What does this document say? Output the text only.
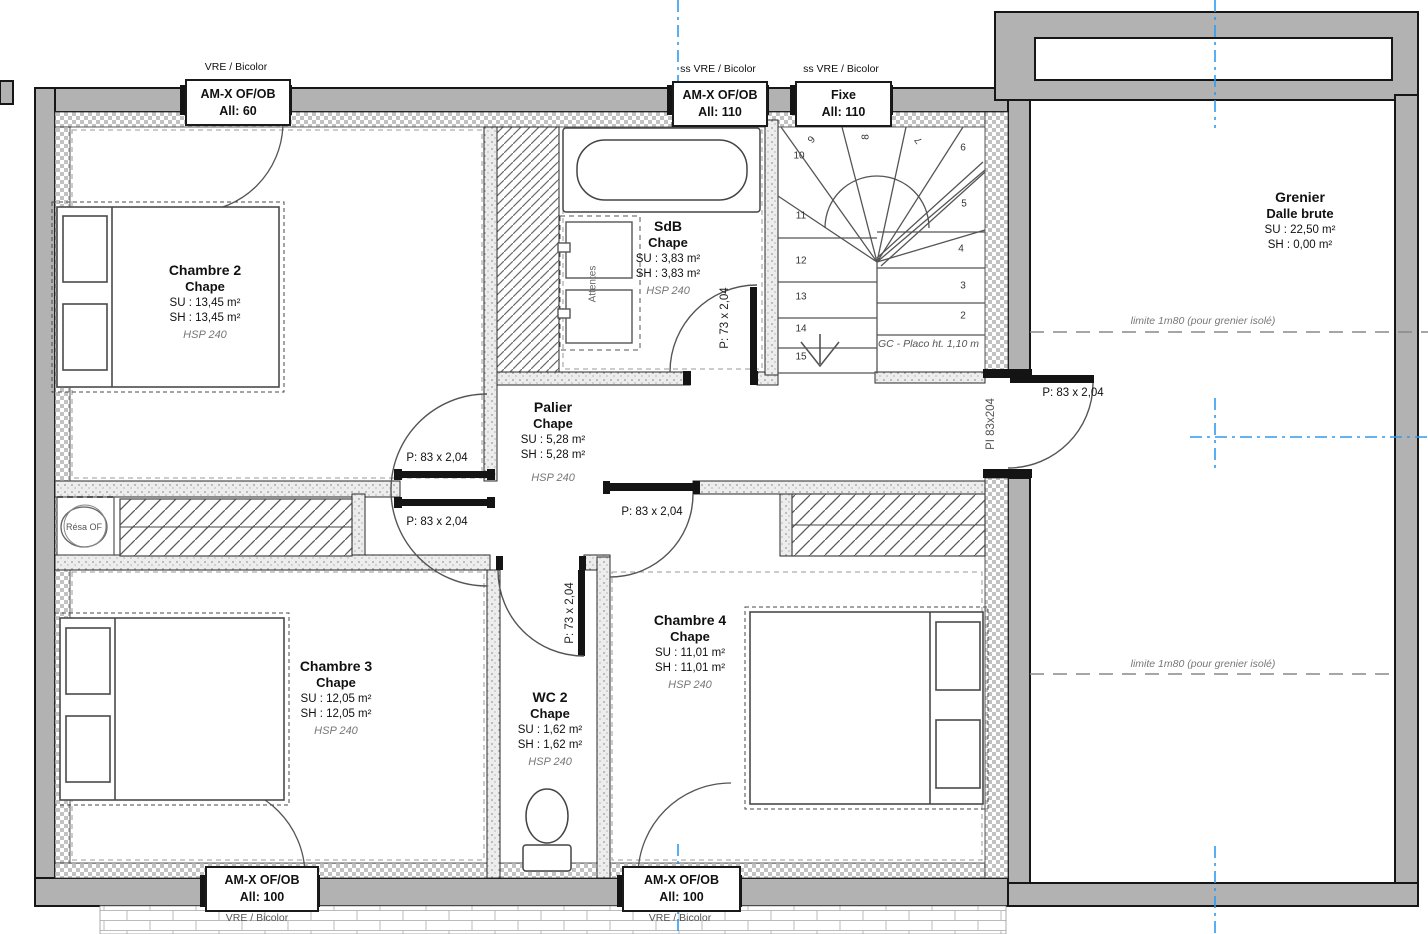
VRE / Bicolor
AM-X OF/OB
All: 60
ss VRE / Bicolor
AM-X OF/OB
All: 110
ss VRE / Bicolor
Fixe
All: 110
AM-X OF/OB
All: 100
VRE / Bicolor
AM-X OF/OB
All: 100
VRE / Bicolor
Chambre 2
Chape
SU : 13,45 m²
SH : 13,45 m²
HSP 240
SdB
Chape
SU : 3,83 m²
SH : 3,83 m²
HSP 240
Palier
Chape
SU : 5,28 m²
SH : 5,28 m²
HSP 240
Chambre 3
Chape
SU : 12,05 m²
SH : 12,05 m²
HSP 240
WC 2
Chape
SU : 1,62 m²
SH : 1,62 m²
HSP 240
Chambre 4
Chape
SU : 11,01 m²
SH : 11,01 m²
HSP 240
Grenier
Dalle brute
SU : 22,50 m²
SH : 0,00 m²
P: 83 x 2,04
P: 83 x 2,04
P: 83 x 2,04
P: 83 x 2,04
P: 73 x 2,04
P: 73 x 2,04
PI 83x204
Attentes
Résa OF
GC - Placo ht. 1,10 m
limite 1m80 (pour grenier isolé)
limite 1m80 (pour grenier isolé)
2
3
4
5
6
7
8
9
10
11
12
13
14
15
